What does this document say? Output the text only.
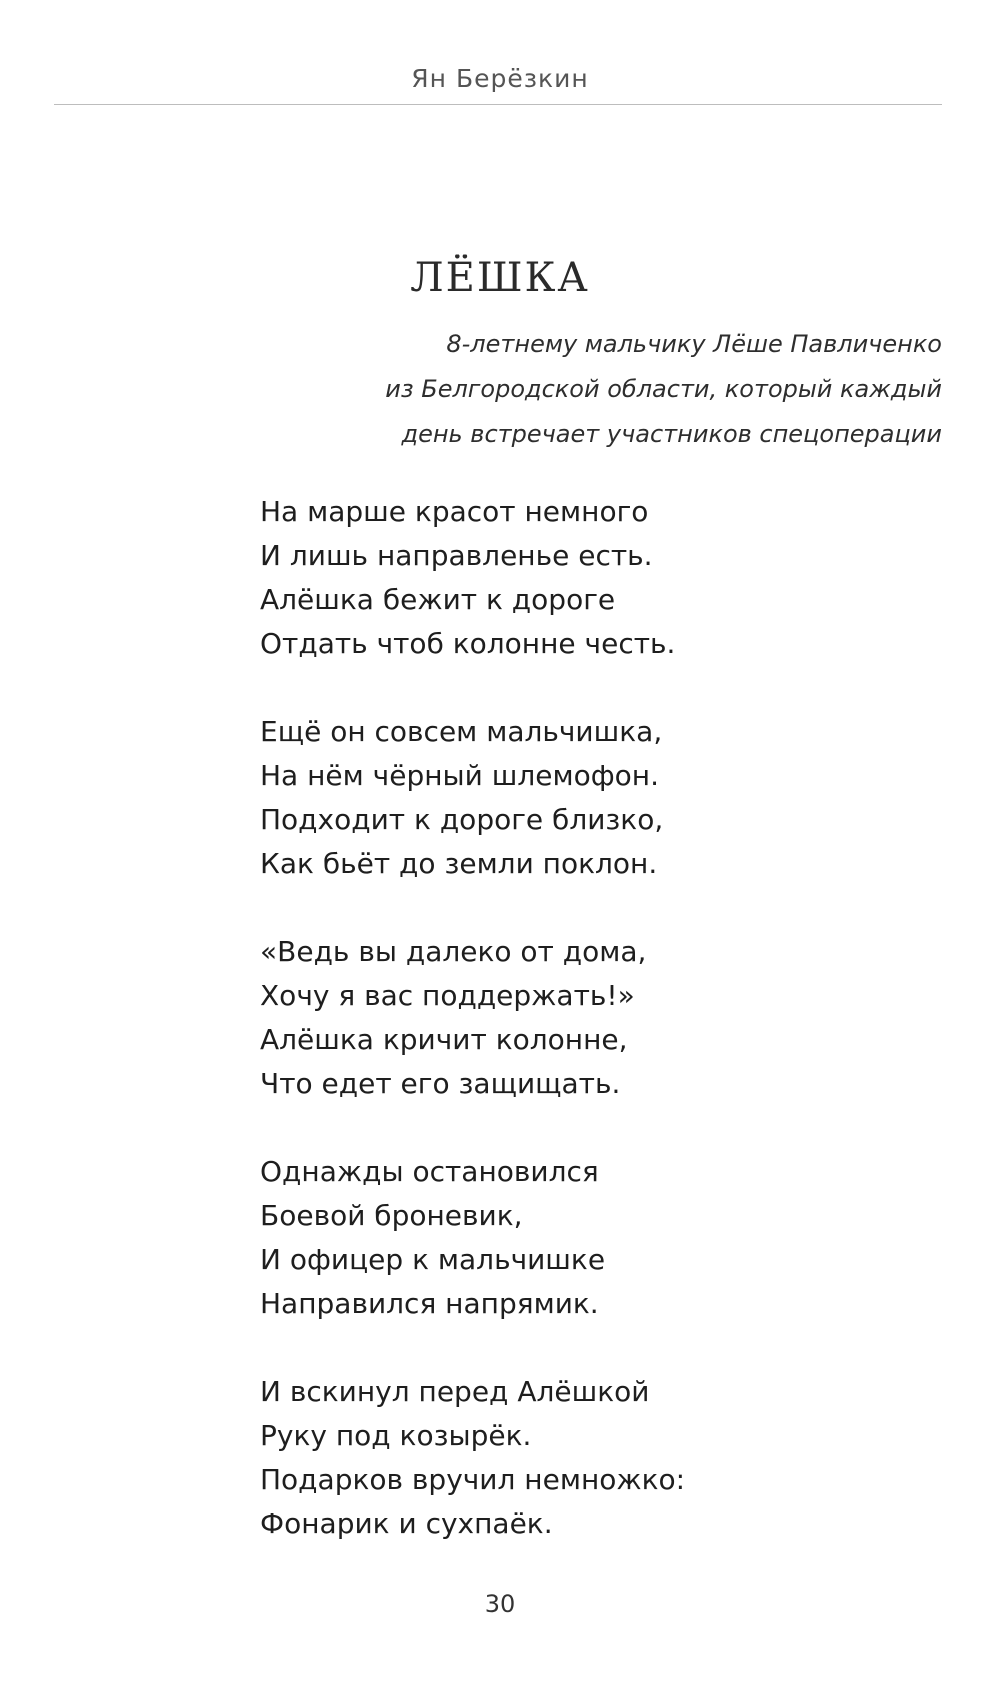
Ян Берёзкин
ЛЁШКА
8-летнему мальчику Лёше Павличенко
из Белгородской области, который каждый
день встречает участников спецоперации
На марше красот немного
И лишь направленье есть.
Алёшка бежит к дороге
Отдать чтоб колонне честь.
Ещё он совсем мальчишка,
На нём чёрный шлемофон.
Подходит к дороге близко,
Как бьёт до земли поклон.
«Ведь вы далеко от дома,
Хочу я вас поддержать!»
Алёшка кричит колонне,
Что едет его защищать.
Однажды остановился
Боевой броневик,
И офицер к мальчишке
Направился напрямик.
И вскинул перед Алёшкой
Руку под козырёк.
Подарков вручил немножко:
Фонарик и сухпаёк.
30
